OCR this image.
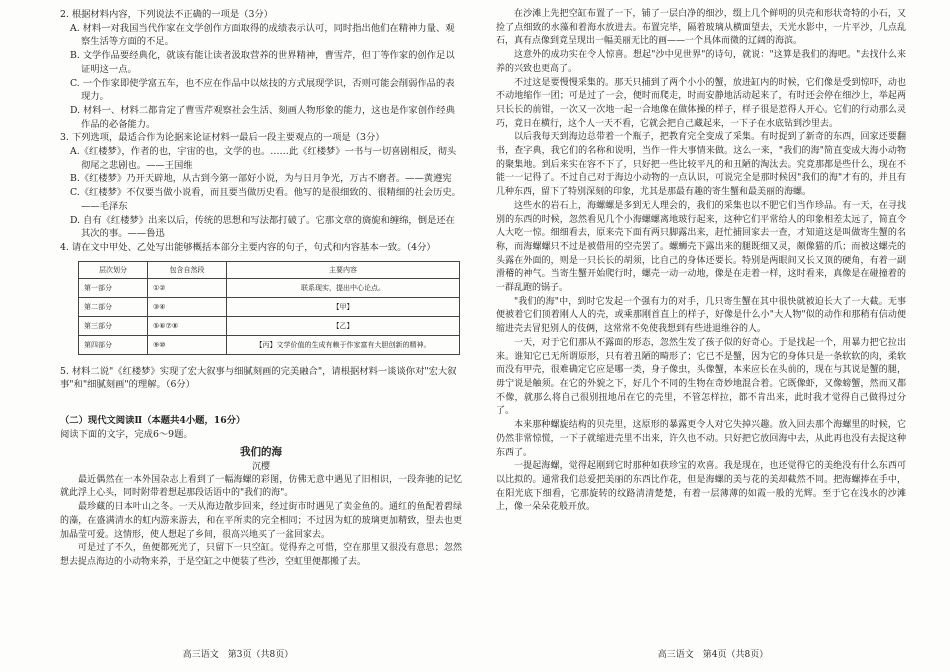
2. 根据材料内容，下列说法不正确的一项是（3分）

A. 材料一对我国当代作家在文学创作方面取得的成绩表示认可，同时指出他们在精神力量、观察生活等方面的不足。

B. 文学作品要经典化，就该有能让读者汲取营养的世界精神，曹雪芹，但丁等作家的创作足以证明这一点。

C. 一个作家即使学富五车，也不应在作品中以炫技的方式展现学识，否则可能会削弱作品的表现力。

D. 材料一、材料二都肯定了曹雪芹观察社会生活、刻画人物形象的能力，这也是作家创作经典作品的必备能力。

3. 下列选项，最适合作为论据来论证材料一最后一段主要观点的一项是（3分）

A.《红楼梦》，作者的也，宇宙的也，文学的也。……此《红楼梦》一书与一切喜剧相反，彻头彻尾之悲剧也。——王国维

B.《红楼梦》乃开天辟地，从古到今第一部好小说，为与日月争光，万古不磨者。——黄遵宪

C.《红楼梦》不仅要当做小说看，而且要当做历史看。他写的是很细致的、很精细的社会历史。——毛泽东

D. 自有《红楼梦》出来以后，传统的思想和写法都打破了。它那文章的旖旎和缠绵，倒是还在其次的事。——鲁迅

4. 请在文中甲处、乙处写出能够概括本部分主要内容的句子，句式和内容基本一致。（4分）

层次划分	包含自然段	主要内容
第一部分	①②	联系现实，提出中心论点。
第二部分	③④	【甲】
第三部分	⑤⑥⑦⑧	【乙】
第四部分	⑨⑩	【丙】文学价值的生成有赖于作家富有大胆创新的精神。

5. 材料二说"《红楼梦》实现了宏大叙事与细腻刻画的完美融合"，请根据材料一谈谈你对"宏大叙事"和"细腻刻画"的理解。（6分）

（二）现代文阅读Ⅱ（本题共4小题，16分）

阅读下面的文字，完成6～9题。

我们的海

沉樱

最近偶然在一本外国杂志上看到了一幅海螺的彩图，仿佛无意中遇见了旧相识，一段奔驰的记忆就此浮上心头，同时附带着想起那段话语中的"我们的海"。

最珍藏的日本叶山之冬。一天从海边散步回来，经过街市时遇见了卖金鱼的。通红的鱼配着碧绿的藻，在盛满清水的虹内游来游去，和在平所卖的完全相同；不过因为虹的玻璃更加精致，望去也更加晶莹可爱。这情形，使人想起了乡间，很高兴地买了一盆回家去。

可是过了不久，鱼便都死光了，只留下一只空缸。觉得弃之可惜，空在那里又很没有意思；忽然想去捉点海边的小动物来养，于是空缸之中便装了些沙，空虹里便都搬了去。

高三语文　第3页（共8页）

在沙滩上先把空缸布置了一下，铺了一层白净的细沙，缀上几个鲜明的贝壳和形状奇特的小石，又捡了点细致的水藻和着海水放进去。布置完毕，隔着玻璃从横面望去，天光水影中，一片平沙，几点乱石，真有点像到竟呈现出一幅美丽无比的画——一个具体而微的辽阔的海滨。

这意外的成功实在令人惊喜。想起"沙中见世界"的诗句，就说："这算是我们的海吧。"去找什么来养的兴致也更高了。

不过这是要慢慢采集的。那天只捕到了两个小小的蟹，放进缸内的时候，它们像是受到惊吓，动也不动地缩作一团；可是过了一会，便时而爬走，时而安静地活动起来了，有时还会停在细沙上，举起两只长长的前钳，一次又一次地一起一合地像在做体操的样子，样子很是惹得人开心。它们的行动那么灵巧，竟日在横行，这个人一天不看，它就会把自己藏起来，一下子在水底钻到沙里去。

以后我每天到海边总带着一个瓶子，把教育完全变成了采集。有时捉到了新奇的东西，回家还要翻书，查字典，我它们的名称和说明，当作一件大事情来做。这么一来，"我们的海"简直变成大海小动物的聚集地。到后来实在容不下了，只好把一些比较平凡的和丑陋的淘汰去。究竟那都是些什么，现在不能一一记得了。不过自己对于海边小动物的一点认识，可说完全是那时候因"我们的海"才有的，并且有几种东西，留下了特别深刻的印象，尤其是那最有趣的寄生蟹和最美丽的海螺。

这些水的岩石上，海螺螺是多到无人理会的，我们的采集也以不肥它们当作珍品。有一天，在寻找别的东西的时候，忽然看见几个小海螺螺离地玻行起来，这种它们平常给人的印象相差太远了，简直令人大吃一惊。细细看去，原来壳下面有两只脚露出来，赶忙捕回家去一查，才知道这是叫做寄生蟹的名称，而海螺螺只不过是被借用的空壳罢了。螺蛳壳下露出来的腿既细又灵，颇像猫的爪；而被这螺壳的头露在外面的，则是一只长长的胡须，比自己的身体还要长。特别是两眼间又长又顶的硬角，有着一副滑稽的神气。当寄生蟹开始爬行时，螺壳一动一动地，像是在走着一样，这时看来，真像是在碰撞着的一群乱跑的锅子。

"我们的海"中，到时它发起一个强有力的对手，几只寄生蟹在其中很快就被迫长大了一大截。无事便被着它们顶着刚人人的壳，或乘那刚首直上的样子，好像是什么小"大人物"似的动作和那稍有信动便缩进壳去冒犯别人的伎俩，这常常不免使我想到有些进退维谷的人。

一天，对于它们那从不露面的形态，忽然生发了孩子似的好奇心。于是找起一个，用暴力把它拉出来。谁知它已无所谓原形，只有着丑陋的畸形了；它已不是蟹，因为它的身体只是一条软软的肉，柔软而没有甲壳，很难确定它应是哪一类，身子像虫，头像蟹，本来应长在头前的，现在与其说是蟹的腿，毋宁说是触须。在它的外貌之下，好几个不同的生物在奇妙地混合着。它既像虾，又像螃蟹，然而又都不像，就那么将自己很别扭地吊在它的壳里，不管怎样拉，都不肯出来，此时我才觉得自己做得过分了。

本来那种螺旋结构的贝壳里，这原形的暴露更令人对它失掉兴趣。放入回去那个海螺里的时候，它仍然非常惊慌，一下子就缩进壳里不出来，许久也不动。只好把它放回海中去，从此再也没有去捉这种东西了。

一提起海螺，觉得起刚到它时那种如获珍宝的欢喜。我是现在，也还觉得它的美绝没有什么东西可以比拟的。通常我们总爱把美丽的东西比作花，但是海螺的美与花的美却截然不同。把海螺捧在手中，在阳光底下细看，它那旋转的纹路清清楚楚，有着一层薄薄的如霞一般的光辉。至于它在浅水的沙滩上，像一朵朵花般开放。

高三语文　第4页（共8页）
